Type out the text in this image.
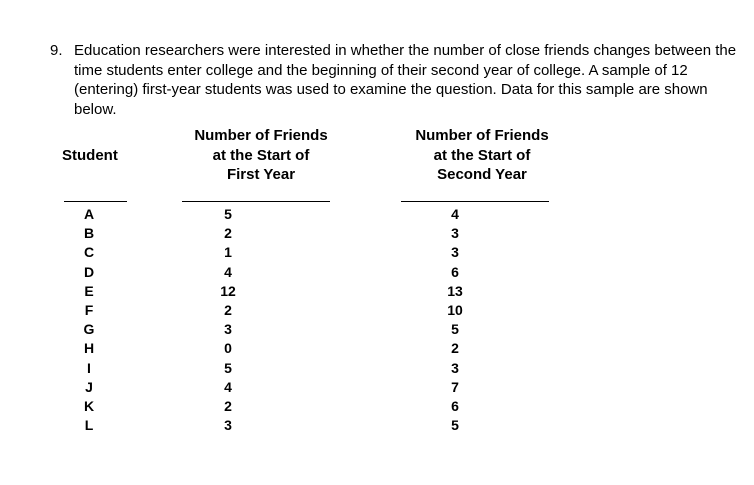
9. Education researchers were interested in whether the number of close friends changes between the time students enter college and the beginning of their second year of college. A sample of 12 (entering) first-year students was used to examine the question. Data for this sample are shown below.
Student
Number of Friends
at the Start of
First Year
Number of Friends
at the Start of
Second Year
A
B
C
D
E
F
G
H
I
J
K
L
5
2
1
4
12
2
3
0
5
4
2
3
4
3
3
6
13
10
5
2
3
7
6
5
